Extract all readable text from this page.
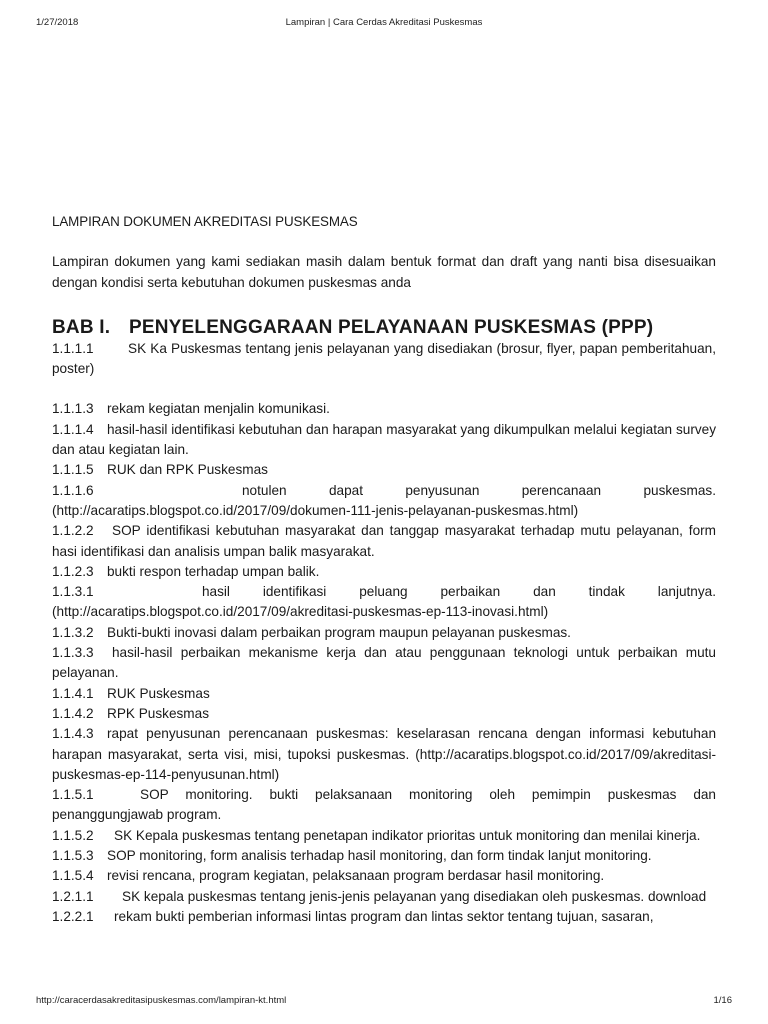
1/27/2018	Lampiran | Cara Cerdas Akreditasi Puskesmas

LAMPIRAN DOKUMEN AKREDITASI PUSKESMAS

Lampiran dokumen yang kami sediakan masih dalam bentuk format dan draft yang nanti bisa disesuaikan dengan kondisi serta kebutuhan dokumen puskesmas anda

BAB I. PENYELENGGARAAN PELAYANAAN PUSKESMAS (PPP)
1.1.1.1	SK Ka Puskesmas tentang jenis pelayanan yang disediakan (brosur, flyer, papan pemberitahuan, poster)
1.1.1.3 rekam kegiatan menjalin komunikasi.
1.1.1.4 hasil-hasil identifikasi kebutuhan dan harapan masyarakat yang dikumpulkan melalui kegiatan survey dan atau kegiatan lain.
1.1.1.5 RUK dan RPK Puskesmas
1.1.1.6	notulen dapat penyusunan perencanaan puskesmas. (http://acaratips.blogspot.co.id/2017/09/dokumen-111-jenis-pelayanan-puskesmas.html)
1.1.2.2 SOP identifikasi kebutuhan masyarakat dan tanggap masyarakat terhadap mutu pelayanan, form hasi identifikasi dan analisis umpan balik masyarakat.
1.1.2.3 bukti respon terhadap umpan balik.
1.1.3.1	hasil identifikasi peluang perbaikan dan tindak lanjutnya. (http://acaratips.blogspot.co.id/2017/09/akreditasi-puskesmas-ep-113-inovasi.html)
1.1.3.2 Bukti-bukti inovasi dalam perbaikan program maupun pelayanan puskesmas.
1.1.3.3 hasil-hasil perbaikan mekanisme kerja dan atau penggunaan teknologi untuk perbaikan mutu pelayanan.
1.1.4.1 RUK Puskesmas
1.1.4.2 RPK Puskesmas
1.1.4.3 rapat penyusunan perencanaan puskesmas: keselarasan rencana dengan informasi kebutuhan harapan masyarakat, serta visi, misi, tupoksi puskesmas. (http://acaratips.blogspot.co.id/2017/09/akreditasi-puskesmas-ep-114-penyusunan.html)
1.1.5.1	SOP monitoring. bukti pelaksanaan monitoring oleh pemimpin puskesmas dan penanggungjawab program.
1.1.5.2 SK Kepala puskesmas tentang penetapan indikator prioritas untuk monitoring dan menilai kinerja.
1.1.5.3 SOP monitoring, form analisis terhadap hasil monitoring, dan form tindak lanjut monitoring.
1.1.5.4 revisi rencana, program kegiatan, pelaksanaan program berdasar hasil monitoring.
1.2.1.1 SK kepala puskesmas tentang jenis-jenis pelayanan yang disediakan oleh puskesmas. download
1.2.2.1 rekam bukti pemberian informasi lintas program dan lintas sektor tentang tujuan, sasaran,
http://caracerdasakreditasipuskesmas.com/lampiran-kt.html	1/16
